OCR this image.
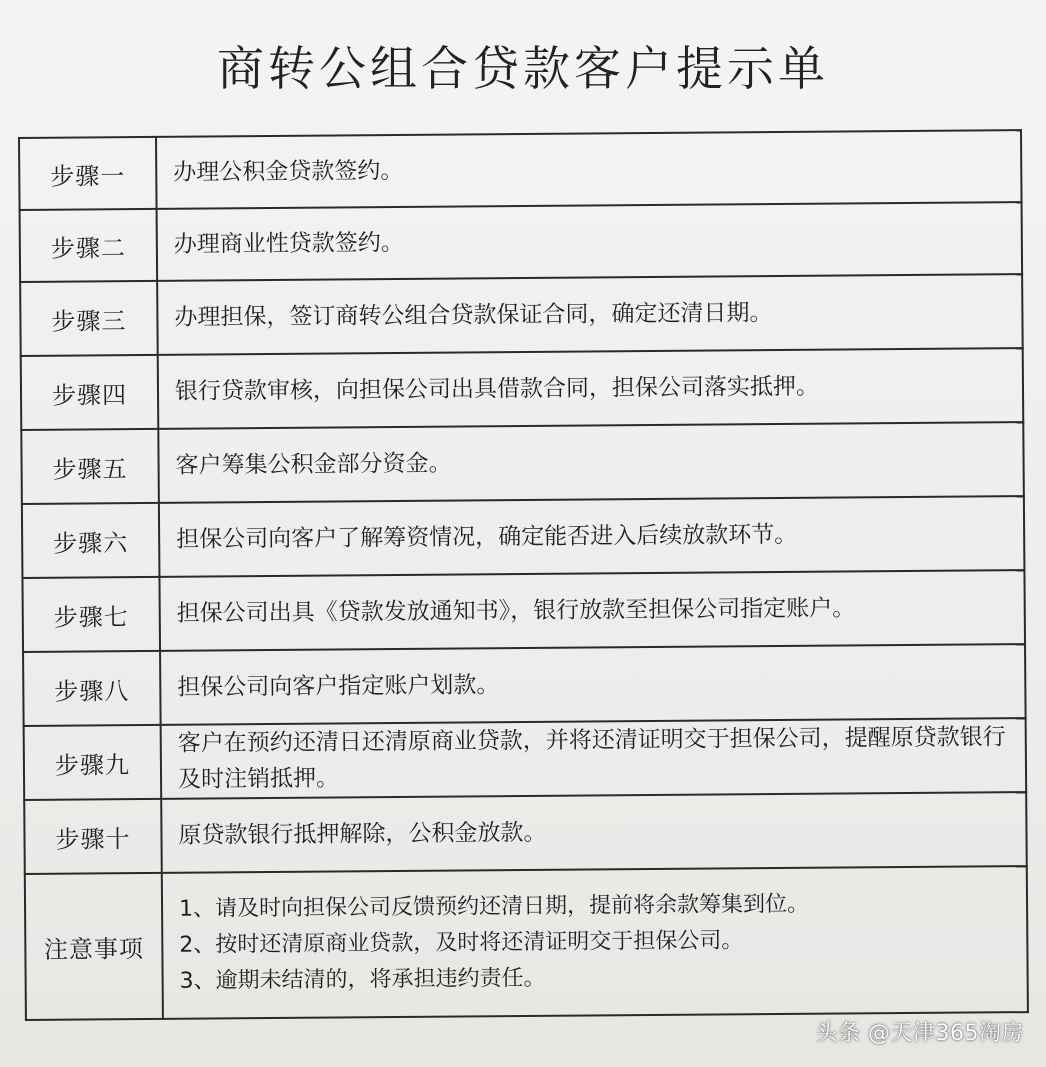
商转公组合贷款客户提示单
步骤一	办理公积金贷款签约。
步骤二	办理商业性贷款签约。
步骤三	办理担保，签订商转公组合贷款保证合同，确定还清日期。
步骤四	银行贷款审核，向担保公司出具借款合同，担保公司落实抵押。
步骤五	客户筹集公积金部分资金。
步骤六	担保公司向客户了解筹资情况，确定能否进入后续放款环节。
步骤七	担保公司出具《贷款发放通知书》，银行放款至担保公司指定账户。
步骤八	担保公司向客户指定账户划款。
步骤九	客户在预约还清日还清原商业贷款，并将还清证明交于担保公司，提醒原贷款银行及时注销抵押。
步骤十	原贷款银行抵押解除，公积金放款。
注意事项	1、请及时向担保公司反馈预约还清日期，提前将余款筹集到位。
2、按时还清原商业贷款，及时将还清证明交于担保公司。
3、逾期未结清的，将承担违约责任。
头条 @天津365淘房
